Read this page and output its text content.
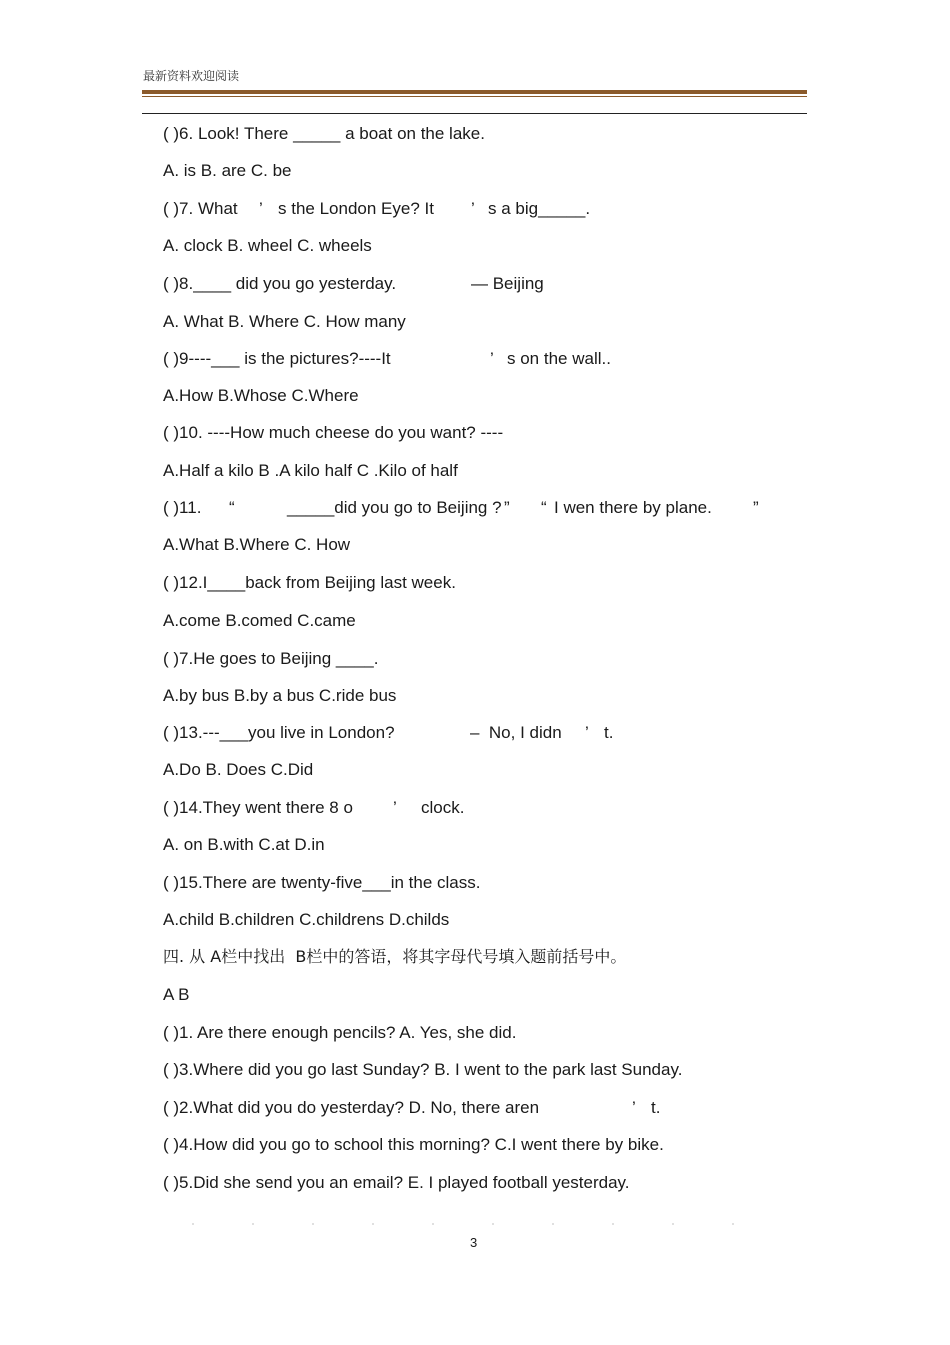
最新资料欢迎阅读
( )6. Look! There _____ a boat on the lake.
A. is B. are C. be
( )7. What ’ s the London Eye? It ’ s a big_____.
A. clock B. wheel C. wheels
( )8.____ did you go yesterday.	— Beijing
A. What B. Where C. How many
( )9----___ is the pictures?----It	’ s on the wall..
A.How B.Whose C.Where
( )10. ----How much cheese do you want? ----
A.Half a kilo B .A kilo half C .Kilo of half
( )11. “	_____did you go to Beijing ? ” “ I wen there by plane. ”
A.What B.Where C. How
( )12.I____back from Beijing last week.
A.come B.comed C.came
( )7.He goes to Beijing ____.
A.by bus B.by a bus C.ride bus
( )13.---___you live in London?	–  No, I didn ’ t.
A.Do B. Does C.Did
( )14.They went there 8 o ’ clock.
A. on B.with C.at D.in
( )15.There are twenty-five___in the class.
A.child B.children C.childrens D.childs
四. 从 A栏中找出  B栏中的答语，将其字母代号填入题前括号中。
A B
( )1. Are there enough pencils? A. Yes, she did.
( )3.Where did you go last Sunday? B. I went to the park last Sunday.
( )2.What did you do yesterday? D. No, there aren	’ t.
( )4.How did you go to school this morning? C.I went there by bike.
( )5.Did she send you an email? E. I played football yesterday.
3
